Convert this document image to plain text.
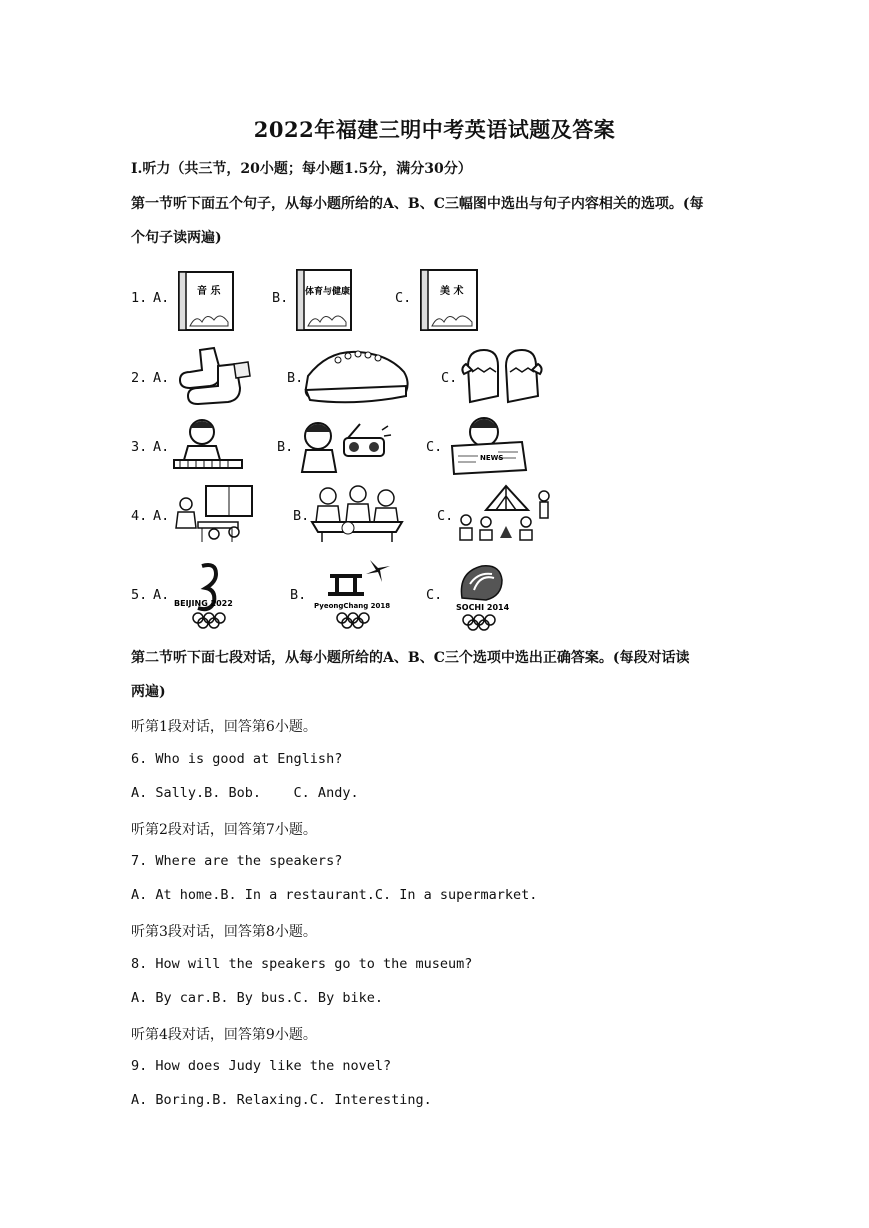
2022年福建三明中考英语试题及答案
I.听力（共三节，20小题；每小题1.5分，满分30分）
第一节听下面五个句子，从每小题所给的A、B、C三幅图中选出与句子内容相关的选项。(每
个句子读两遍)
1. A.	音 乐	B. 体育与健康	C.	美 术
2. A.	B.	C.
3. A.	B.	C.
NEWS
4. A.	B.	C.
5. A.
BEIJING 2022
B.
PyeongChang 2018
C.
SOCHI 2014
第二节听下面七段对话，从每小题所给的A、B、C三个选项中选出正确答案。(每段对话读
两遍)
听第1段对话，回答第6小题。
6. Who is good at English?
A. Sally.B. Bob.    C. Andy.
听第2段对话，回答第7小题。
7. Where are the speakers?
A. At home.B. In a restaurant.C. In a supermarket.
听第3段对话，回答第8小题。
8. How will the speakers go to the museum?
A. By car.B. By bus.C. By bike.
听第4段对话，回答第9小题。
9. How does Judy like the novel?
A. Boring.B. Relaxing.C. Interesting.
